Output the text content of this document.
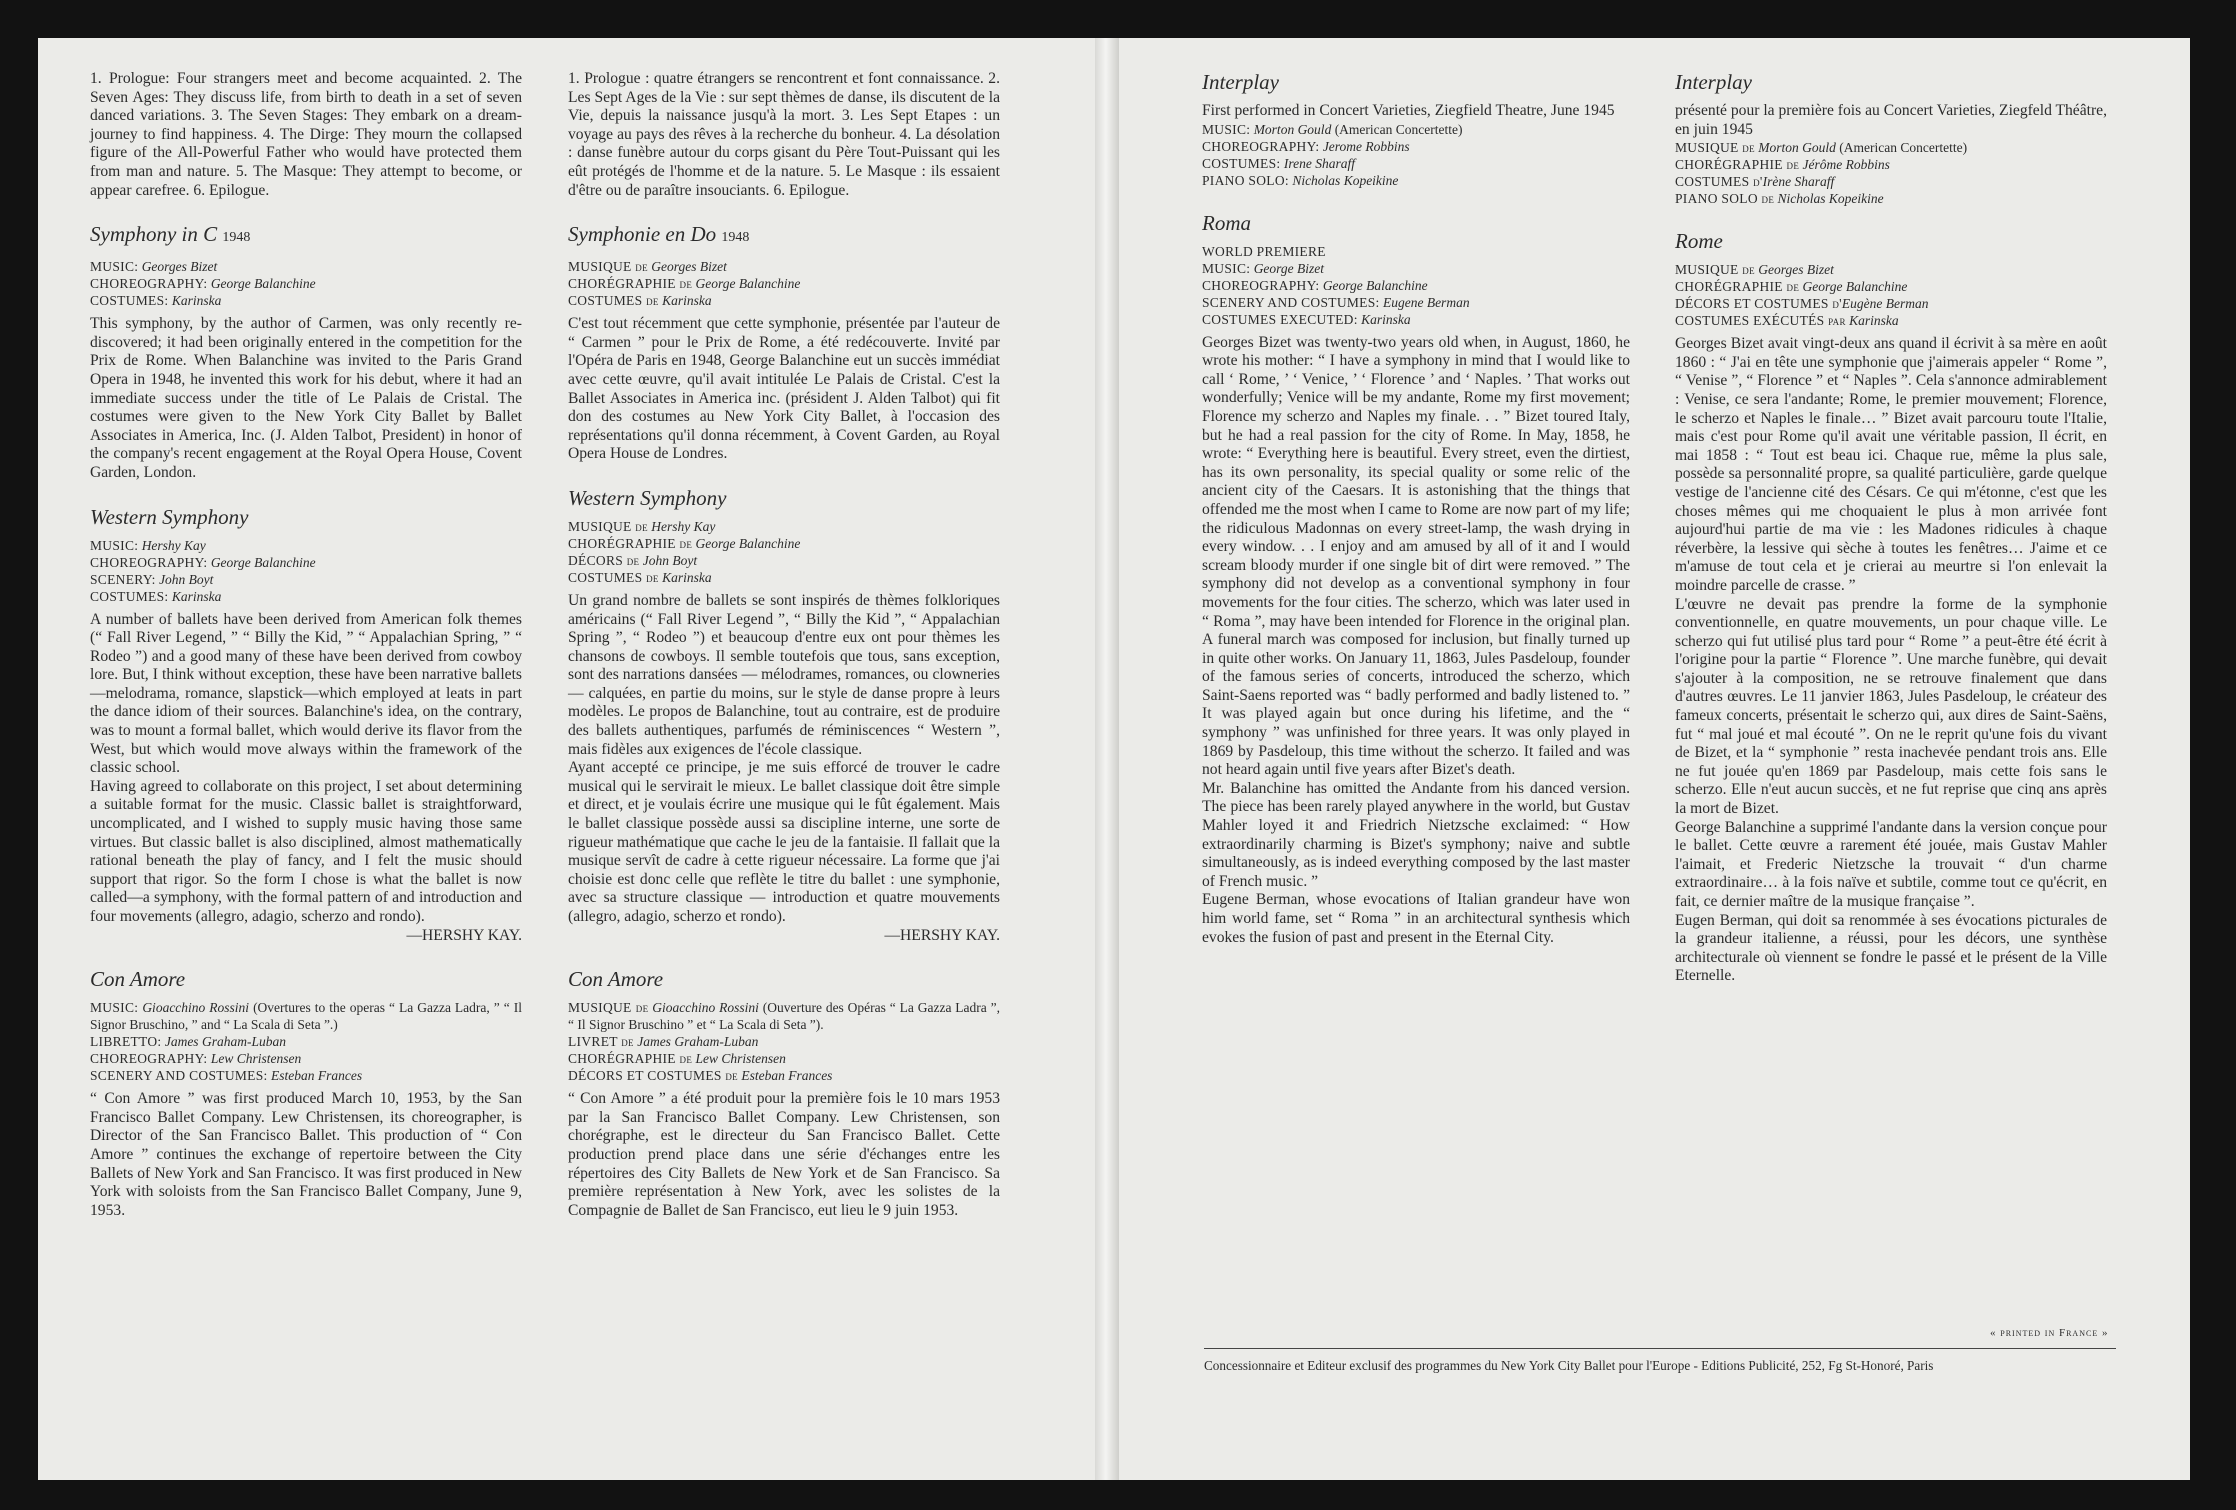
1. Prologue: Four strangers meet and become acquainted. 2. The Seven Ages: They discuss life, from birth to death in a set of seven danced variations. 3. The Seven Stages: They embark on a dream-journey to find happiness. 4. The Dirge: They mourn the collapsed figure of the All-Powerful Father who would have protected them from man and nature. 5. The Masque: They attempt to become, or appear carefree. 6. Epilogue.

Symphony in C 1948
MUSIC: Georges Bizet
CHOREOGRAPHY: George Balanchine
COSTUMES: Karinska

This symphony, by the author of Carmen, was only recently re-discovered; it had been originally entered in the competition for the Prix de Rome. When Balanchine was invited to the Paris Grand Opera in 1948, he invented this work for his debut, where it had an immediate success under the title of Le Palais de Cristal. The costumes were given to the New York City Ballet by Ballet Associates in America, Inc. (J. Alden Talbot, President) in honor of the company's recent engagement at the Royal Opera House, Covent Garden, London.

Western Symphony
MUSIC: Hershy Kay
CHOREOGRAPHY: George Balanchine
SCENERY: John Boyt
COSTUMES: Karinska

A number of ballets have been derived from American folk themes (“ Fall River Legend, ” “ Billy the Kid, ” “ Appalachian Spring, ” “ Rodeo ”) and a good many of these have been derived from cowboy lore. But, I think without exception, these have been narrative ballets—melodrama, romance, slapstick—which employed at leats in part the dance idiom of their sources. Balanchine's idea, on the contrary, was to mount a formal ballet, which would derive its flavor from the West, but which would move always within the framework of the classic school.

Having agreed to collaborate on this project, I set about determining a suitable format for the music. Classic ballet is straightforward, uncomplicated, and I wished to supply music having those same virtues. But classic ballet is also disciplined, almost mathematically rational beneath the play of fancy, and I felt the music should support that rigor. So the form I chose is what the ballet is now called—a symphony, with the formal pattern of and introduction and four movements (allegro, adagio, scherzo and rondo).

—HERSHY KAY.

Con Amore
MUSIC: Gioacchino Rossini (Overtures to the operas “ La Gazza Ladra, ” “ Il Signor Bruschino, ” and “ La Scala di Seta ”.)
LIBRETTO: James Graham-Luban
CHOREOGRAPHY: Lew Christensen
SCENERY AND COSTUMES: Esteban Frances

“ Con Amore ” was first produced March 10, 1953, by the San Francisco Ballet Company. Lew Christensen, its choreographer, is Director of the San Francisco Ballet. This production of “ Con Amore ” continues the exchange of repertoire between the City Ballets of New York and San Francisco. It was first produced in New York with soloists from the San Francisco Ballet Company, June 9, 1953.

1. Prologue : quatre étrangers se rencontrent et font connaissance. 2. Les Sept Ages de la Vie : sur sept thèmes de danse, ils discutent de la Vie, depuis la naissance jusqu'à la mort. 3. Les Sept Etapes : un voyage au pays des rêves à la recherche du bonheur. 4. La désolation : danse funèbre autour du corps gisant du Père Tout-Puissant qui les eût protégés de l'homme et de la nature. 5. Le Masque : ils essaient d'être ou de paraître insouciants. 6. Epilogue.

Symphonie en Do 1948
MUSIQUE de Georges Bizet
CHORÉGRAPHIE de George Balanchine
COSTUMES de Karinska

C'est tout récemment que cette symphonie, présentée par l'auteur de “ Carmen ” pour le Prix de Rome, a été redécouverte. Invité par l'Opéra de Paris en 1948, George Balanchine eut un succès immédiat avec cette œuvre, qu'il avait intitulée Le Palais de Cristal. C'est la Ballet Associates in America inc. (président J. Alden Talbot) qui fit don des costumes au New York City Ballet, à l'occasion des représentations qu'il donna récemment, à Covent Garden, au Royal Opera House de Londres.

Western Symphony
MUSIQUE de Hershy Kay
CHORÉGRAPHIE de George Balanchine
DÉCORS de John Boyt
COSTUMES de Karinska

Un grand nombre de ballets se sont inspirés de thèmes folkloriques américains (“ Fall River Legend ”, “ Billy the Kid ”, “ Appalachian Spring ”, “ Rodeo ”) et beaucoup d'entre eux ont pour thèmes les chansons de cowboys. Il semble toutefois que tous, sans exception, sont des narrations dansées — mélodrames, romances, ou clowneries — calquées, en partie du moins, sur le style de danse propre à leurs modèles. Le propos de Balanchine, tout au contraire, est de produire des ballets authentiques, parfumés de réminiscences “ Western ”, mais fidèles aux exigences de l'école classique.

Ayant accepté ce principe, je me suis efforcé de trouver le cadre musical qui le servirait le mieux. Le ballet classique doit être simple et direct, et je voulais écrire une musique qui le fût également. Mais le ballet classique possède aussi sa discipline interne, une sorte de rigueur mathématique que cache le jeu de la fantaisie. Il fallait que la musique servît de cadre à cette rigueur nécessaire. La forme que j'ai choisie est donc celle que reflète le titre du ballet : une symphonie, avec sa structure classique — introduction et quatre mouvements (allegro, adagio, scherzo et rondo).

—HERSHY KAY.

Con Amore
MUSIQUE de Gioacchino Rossini (Ouverture des Opéras “ La Gazza Ladra ”, “ Il Signor Bruschino ” et “ La Scala di Seta ”).
LIVRET de James Graham-Luban
CHORÉGRAPHIE de Lew Christensen
DÉCORS ET COSTUMES de Esteban Frances

“ Con Amore ” a été produit pour la première fois le 10 mars 1953 par la San Francisco Ballet Company. Lew Christensen, son chorégraphe, est le directeur du San Francisco Ballet. Cette production prend place dans une série d'échanges entre les répertoires des City Ballets de New York et de San Francisco. Sa première représentation à New York, avec les solistes de la Compagnie de Ballet de San Francisco, eut lieu le 9 juin 1953.

Interplay

First performed in Concert Varieties, Ziegfield Theatre, June 1945

MUSIC: Morton Gould (American Concertette)
CHOREOGRAPHY: Jerome Robbins
COSTUMES: Irene Sharaff
PIANO SOLO: Nicholas Kopeikine
Roma
WORLD PREMIERE
MUSIC: George Bizet
CHOREOGRAPHY: George Balanchine
SCENERY AND COSTUMES: Eugene Berman
COSTUMES EXECUTED: Karinska

Georges Bizet was twenty-two years old when, in August, 1860, he wrote his mother: “ I have a symphony in mind that I would like to call ‘ Rome, ’ ‘ Venice, ’ ‘ Florence ’ and ‘ Naples. ’ That works out wonderfully; Venice will be my andante, Rome my first movement; Florence my scherzo and Naples my finale. . . ” Bizet toured Italy, but he had a real passion for the city of Rome. In May, 1858, he wrote: “ Everything here is beautiful. Every street, even the dirtiest, has its own personality, its special quality or some relic of the ancient city of the Caesars. It is astonishing that the things that offended me the most when I came to Rome are now part of my life; the ridiculous Madonnas on every street-lamp, the wash drying in every window. . . I enjoy and am amused by all of it and I would scream bloody murder if one single bit of dirt were removed. ” The symphony did not develop as a conventional symphony in four movements for the four cities. The scherzo, which was later used in “ Roma ”, may have been intended for Florence in the original plan. A funeral march was composed for inclusion, but finally turned up in quite other works. On January 11, 1863, Jules Pasdeloup, founder of the famous series of concerts, introduced the scherzo, which Saint-Saens reported was “ badly performed and badly listened to. ” It was played again but once during his lifetime, and the “ symphony ” was unfinished for three years. It was only played in 1869 by Pasdeloup, this time without the scherzo. It failed and was not heard again until five years after Bizet's death.

Mr. Balanchine has omitted the Andante from his danced version. The piece has been rarely played anywhere in the world, but Gustav Mahler loyed it and Friedrich Nietzsche exclaimed: “ How extraordinarily charming is Bizet's symphony; naive and subtle simultaneously, as is indeed everything composed by the last master of French music. ”

Eugene Berman, whose evocations of Italian grandeur have won him world fame, set “ Roma ” in an architectural synthesis which evokes the fusion of past and present in the Eternal City.

Interplay

présenté pour la première fois au Concert Varieties, Ziegfeld Théâtre, en juin 1945

MUSIQUE de Morton Gould (American Concertette)
CHORÉGRAPHIE de Jérôme Robbins
COSTUMES d'Irène Sharaff
PIANO SOLO de Nicholas Kopeikine
Rome
MUSIQUE de Georges Bizet
CHORÉGRAPHIE de George Balanchine
DÉCORS ET COSTUMES d'Eugène Berman
COSTUMES EXÉCUTÉS par Karinska

Georges Bizet avait vingt-deux ans quand il écrivit à sa mère en août 1860 : “ J'ai en tête une symphonie que j'aimerais appeler “ Rome ”, “ Venise ”, “ Florence ” et “ Naples ”. Cela s'annonce admirablement : Venise, ce sera l'andante; Rome, le premier mouvement; Florence, le scherzo et Naples le finale… ” Bizet avait parcouru toute l'Italie, mais c'est pour Rome qu'il avait une véritable passion, Il écrit, en mai 1858 : “ Tout est beau ici. Chaque rue, même la plus sale, possède sa personnalité propre, sa qualité particulière, garde quelque vestige de l'ancienne cité des Césars. Ce qui m'étonne, c'est que les choses mêmes qui me choquaient le plus à mon arrivée font aujourd'hui partie de ma vie : les Madones ridicules à chaque réverbère, la lessive qui sèche à toutes les fenêtres… J'aime et ce m'amuse de tout cela et je crierai au meurtre si l'on enlevait la moindre parcelle de crasse. ”

L'œuvre ne devait pas prendre la forme de la symphonie conventionnelle, en quatre mouvements, un pour chaque ville. Le scherzo qui fut utilisé plus tard pour “ Rome ” a peut-être été écrit à l'origine pour la partie “ Florence ”. Une marche funèbre, qui devait s'ajouter à la composition, ne se retrouve finalement que dans d'autres œuvres. Le 11 janvier 1863, Jules Pasdeloup, le créateur des fameux concerts, présentait le scherzo qui, aux dires de Saint-Saëns, fut “ mal joué et mal écouté ”. On ne le reprit qu'une fois du vivant de Bizet, et la “ symphonie ” resta inachevée pendant trois ans. Elle ne fut jouée qu'en 1869 par Pasdeloup, mais cette fois sans le scherzo. Elle n'eut aucun succès, et ne fut reprise que cinq ans après la mort de Bizet.

George Balanchine a supprimé l'andante dans la version conçue pour le ballet. Cette œuvre a rarement été jouée, mais Gustav Mahler l'aimait, et Frederic Nietzsche la trouvait “ d'un charme extraordinaire… à la fois naïve et subtile, comme tout ce qu'écrit, en fait, ce dernier maître de la musique française ”.

Eugen Berman, qui doit sa renommée à ses évocations picturales de la grandeur italienne, a réussi, pour les décors, une synthèse architecturale où viennent se fondre le passé et le présent de la Ville Eternelle.

« printed in France »
Concessionnaire et Editeur exclusif des programmes du New York City Ballet pour l'Europe - Editions Publicité, 252, Fg St-Honoré, Paris
